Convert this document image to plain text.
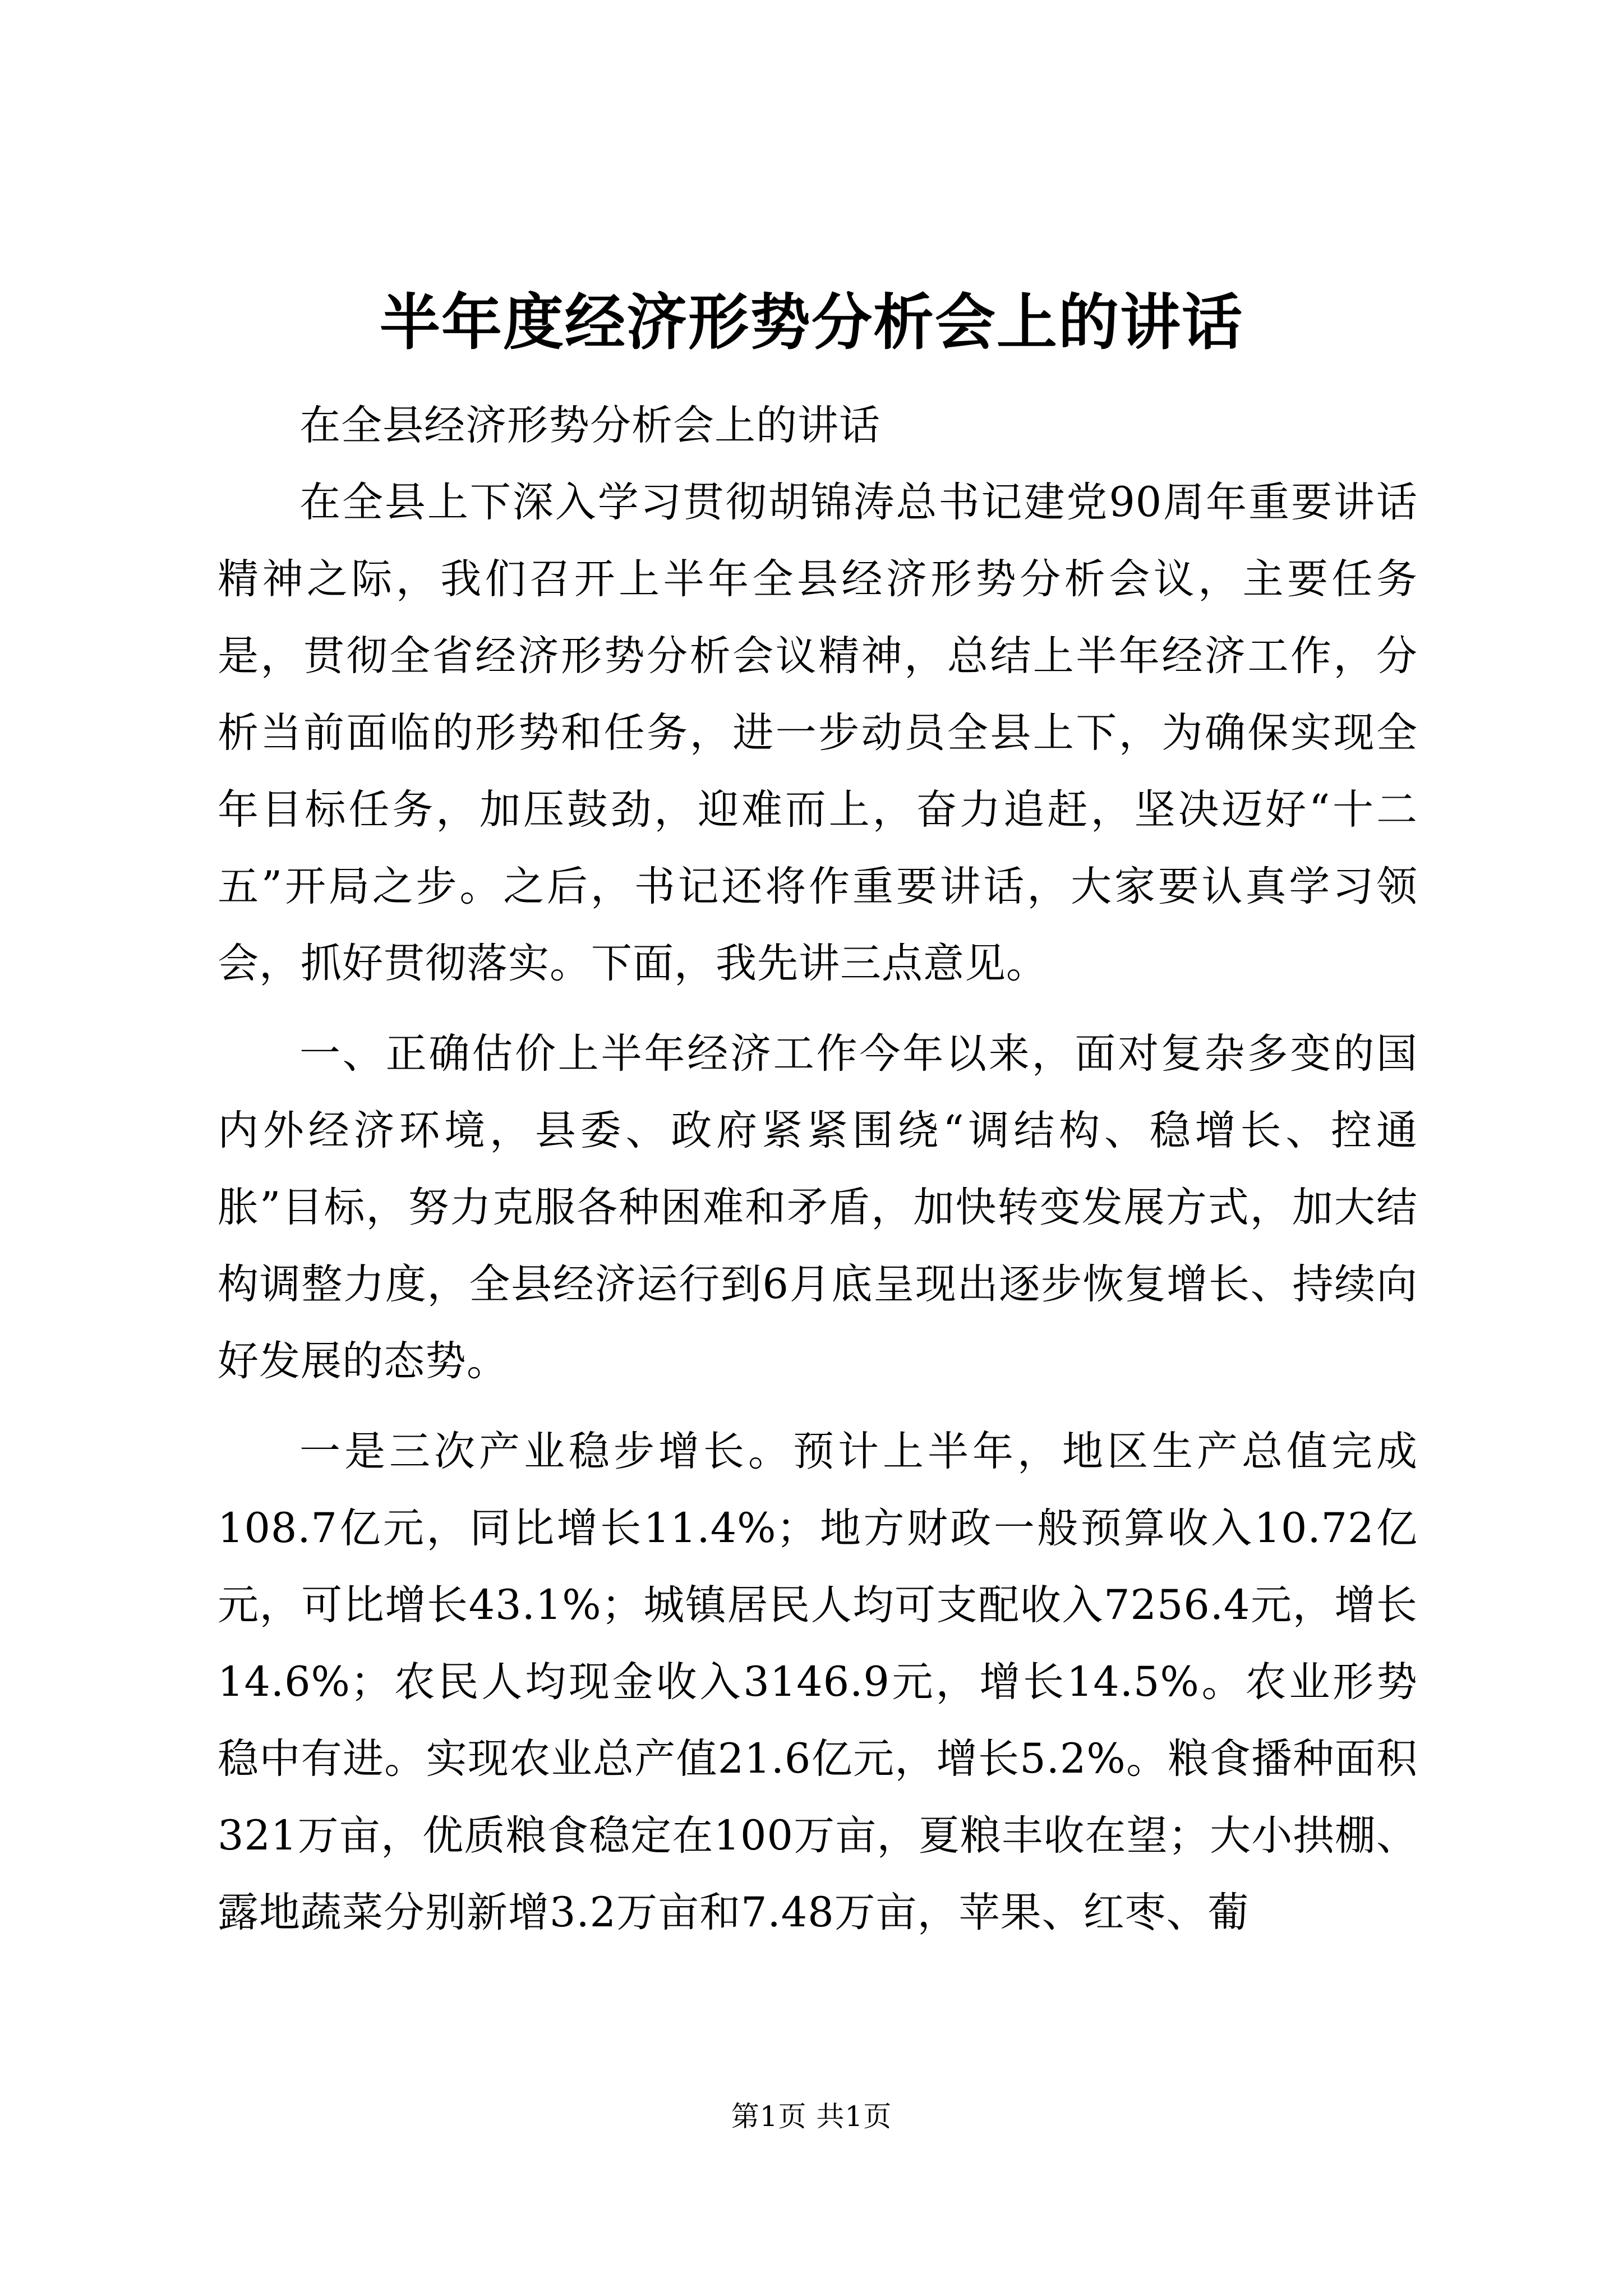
半年度经济形势分析会上的讲话

在全县经济形势分析会上的讲话

在全县上下深入学习贯彻胡锦涛总书记建党90周年重要讲话精神之际，我们召开上半年全县经济形势分析会议，主要任务是，贯彻全省经济形势分析会议精神，总结上半年经济工作，分析当前面临的形势和任务，进一步动员全县上下，为确保实现全年目标任务，加压鼓劲，迎难而上，奋力追赶，坚决迈好“十二五”开局之步。之后，书记还将作重要讲话，大家要认真学习领会，抓好贯彻落实。下面，我先讲三点意见。

一、正确估价上半年经济工作今年以来，面对复杂多变的国内外经济环境，县委、政府紧紧围绕“调结构、稳增长、控通胀”目标，努力克服各种困难和矛盾，加快转变发展方式，加大结构调整力度，全县经济运行到6月底呈现出逐步恢复增长、持续向好发展的态势。

一是三次产业稳步增长。预计上半年，地区生产总值完成108.7亿元，同比增长11.4%；地方财政一般预算收入10.72亿元，可比增长43.1%；城镇居民人均可支配收入7256.4元，增长14.6%；农民人均现金收入3146.9元，增长14.5%。农业形势稳中有进。实现农业总产值21.6亿元，增长5.2%。粮食播种面积321万亩，优质粮食稳定在100万亩，夏粮丰收在望；大小拱棚、露地蔬菜分别新增3.2万亩和7.48万亩，苹果、红枣、葡

第1页 共1页
